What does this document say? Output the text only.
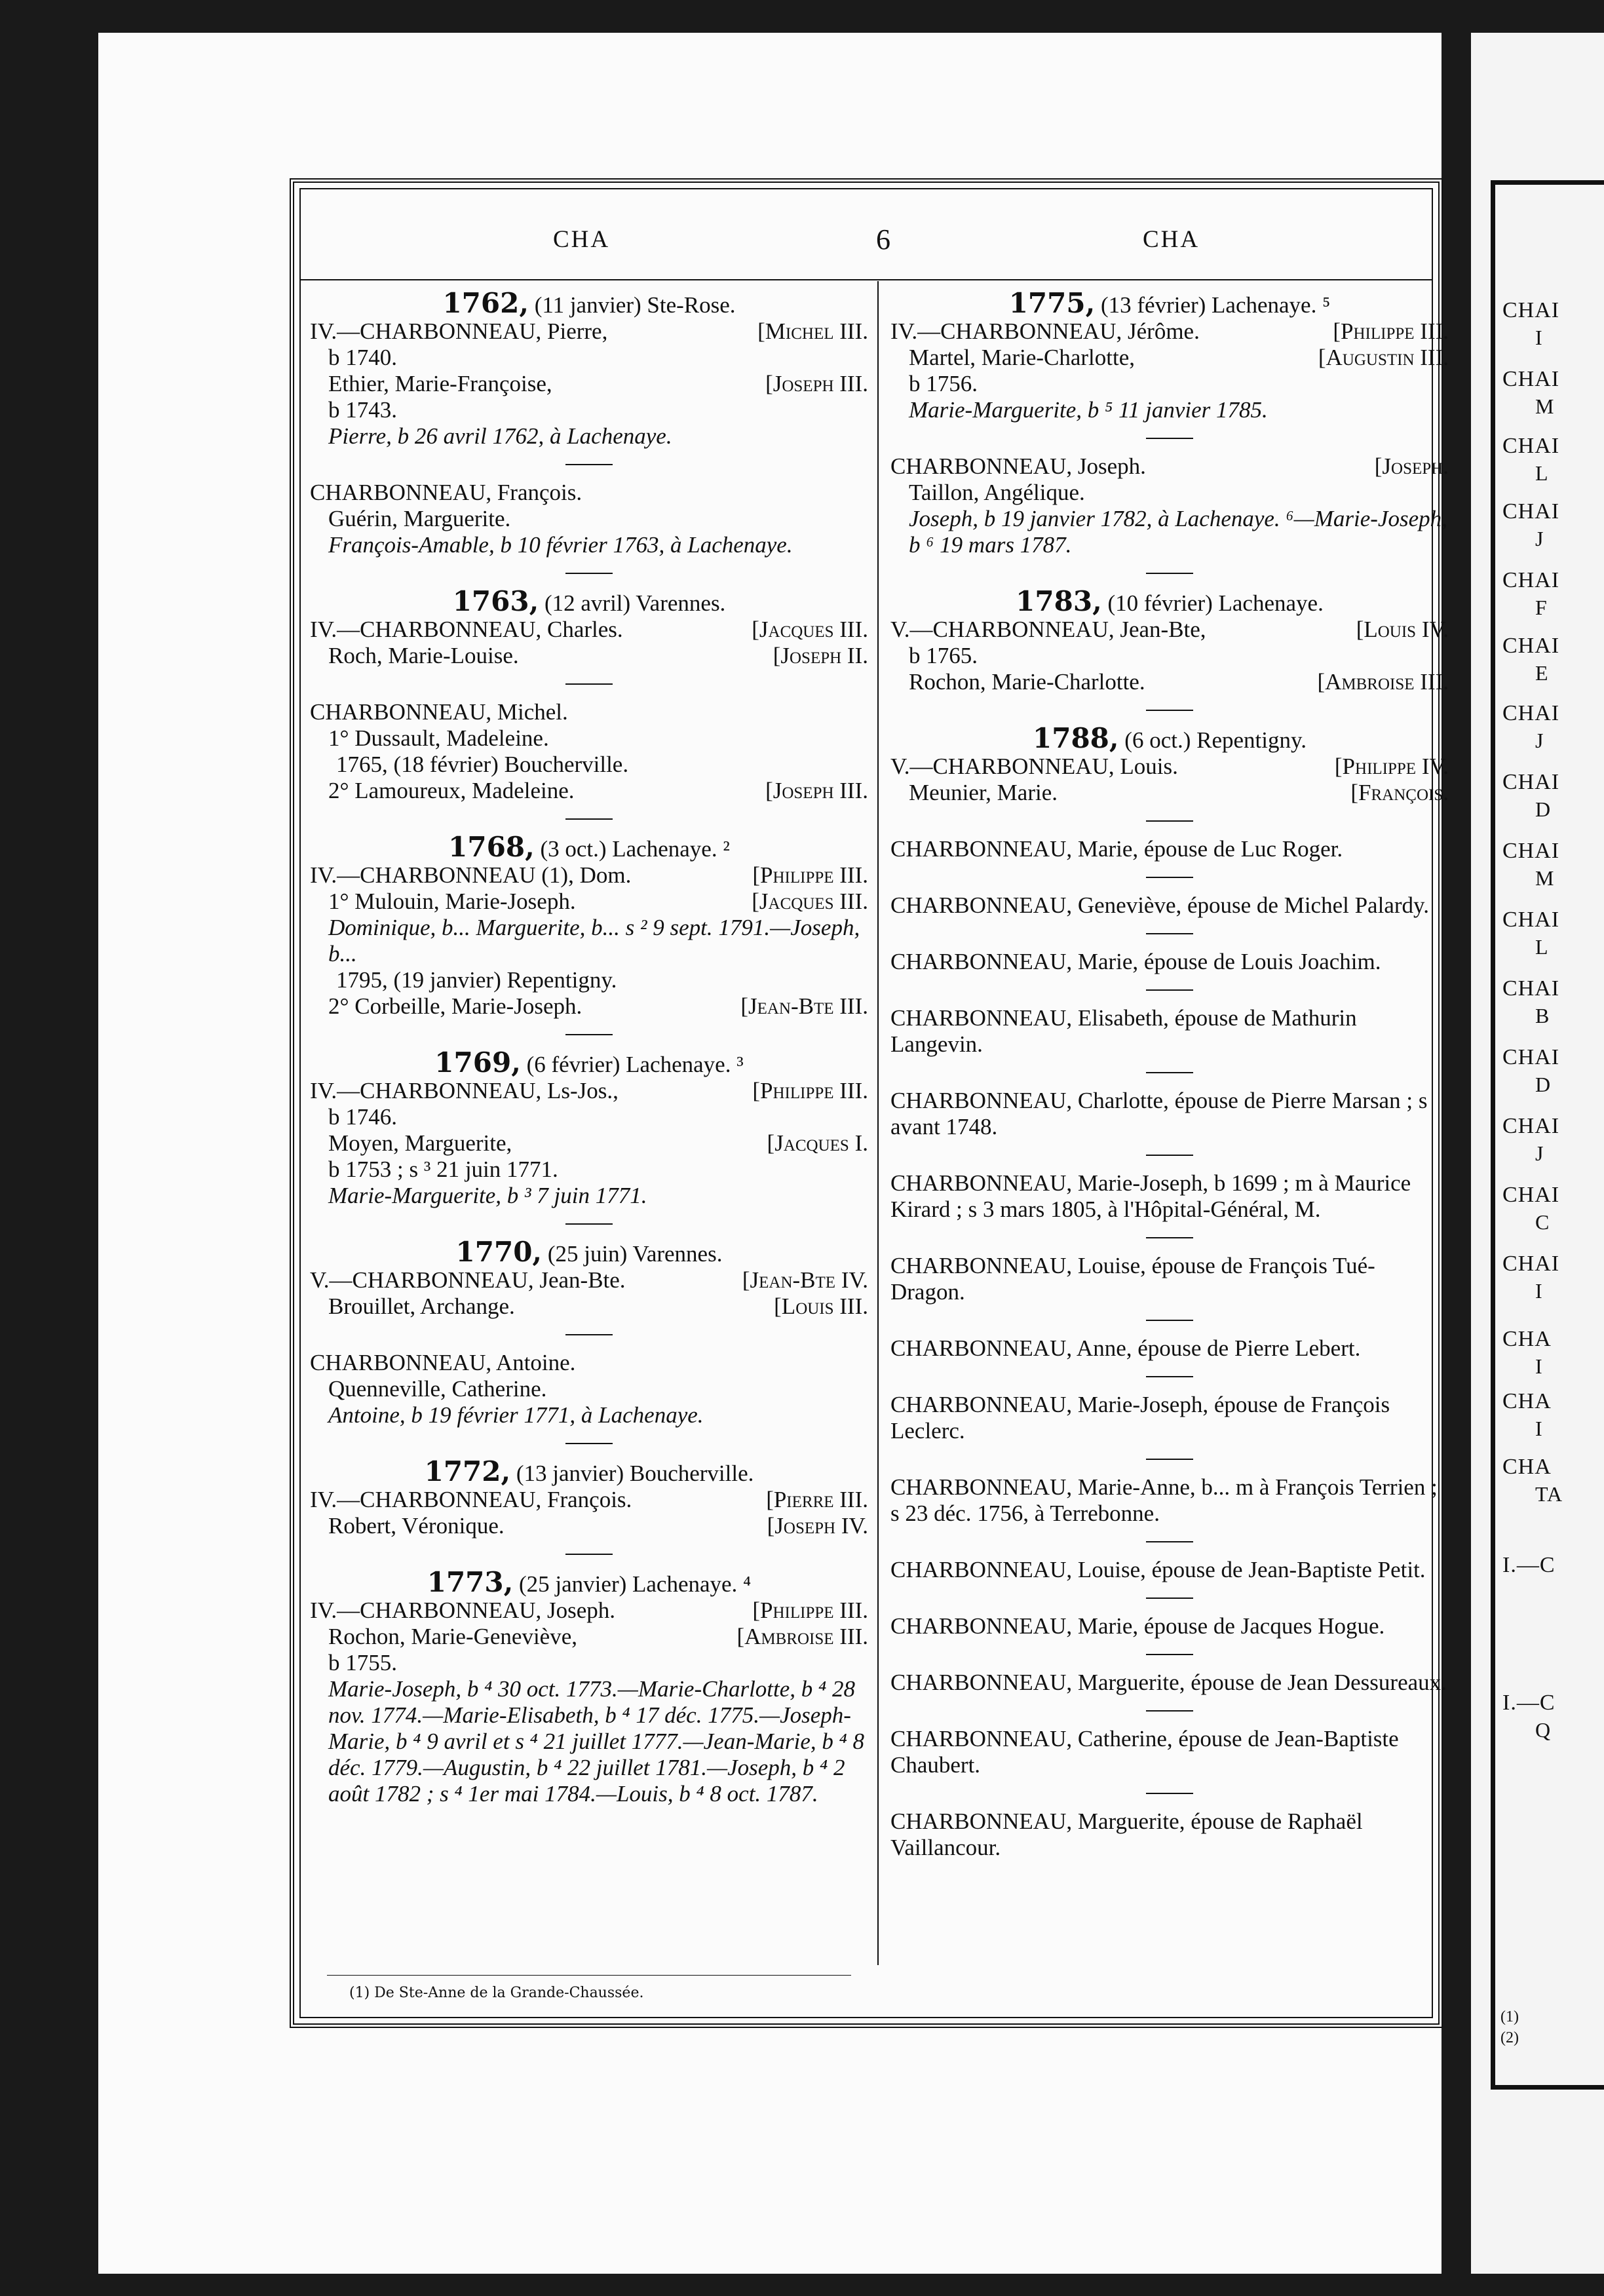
CHAI
I
CHAI
M
CHAI
L
CHAI
J
CHAI
F
CHAI
E
CHAI
J
CHAI
D
CHAI
M
CHAI
L
CHAI
B
CHAI
D
CHAI
J
CHAI
C
CHAI
I
CHA
I
CHA
I
CHA
TA
I.—C
I.—C
Q
(1)
(2)
CHA	6	CHA
1762, (11 janvier) Ste-Rose.
IV.—CHARBONNEAU, Pierre,	[Michel III.
b 1740.
Ethier, Marie-Françoise,	[Joseph III.
b 1743.
Pierre, b 26 avril 1762, à Lachenaye.
CHARBONNEAU, François.
Guérin, Marguerite.
François-Amable, b 10 février 1763, à Lachenaye.
1763, (12 avril) Varennes.
IV.—CHARBONNEAU, Charles.	[Jacques III.
Roch, Marie-Louise.	[Joseph II.
CHARBONNEAU, Michel.
1° Dussault, Madeleine.
1765, (18 février) Boucherville.
2° Lamoureux, Madeleine.	[Joseph III.
1768, (3 oct.) Lachenaye. ²
IV.—CHARBONNEAU (1), Dom.	[Philippe III.
1° Mulouin, Marie-Joseph.	[Jacques III.
Dominique, b... Marguerite, b... s ² 9 sept. 1791.—Joseph, b...
1795, (19 janvier) Repentigny.
2° Corbeille, Marie-Joseph.	[Jean-Bte III.
1769, (6 février) Lachenaye. ³
IV.—CHARBONNEAU, Ls-Jos.,	[Philippe III.
b 1746.
Moyen, Marguerite,	[Jacques I.
b 1753 ; s ³ 21 juin 1771.
Marie-Marguerite, b ³ 7 juin 1771.
1770, (25 juin) Varennes.
V.—CHARBONNEAU, Jean-Bte.	[Jean-Bte IV.
Brouillet, Archange.	[Louis III.
CHARBONNEAU, Antoine.
Quenneville, Catherine.
Antoine, b 19 février 1771, à Lachenaye.
1772, (13 janvier) Boucherville.
IV.—CHARBONNEAU, François.	[Pierre III.
Robert, Véronique.	[Joseph IV.
1773, (25 janvier) Lachenaye. ⁴
IV.—CHARBONNEAU, Joseph.	[Philippe III.
Rochon, Marie-Geneviève,	[Ambroise III.
b 1755.
Marie-Joseph, b ⁴ 30 oct. 1773.—Marie-Charlotte, b ⁴ 28 nov. 1774.—Marie-Elisabeth, b ⁴ 17 déc. 1775.—Joseph-Marie, b ⁴ 9 avril et s ⁴ 21 juillet 1777.—Jean-Marie, b ⁴ 8 déc. 1779.—Augustin, b ⁴ 22 juillet 1781.—Joseph, b ⁴ 2 août 1782 ; s ⁴ 1er mai 1784.—Louis, b ⁴ 8 oct. 1787.
1775, (13 février) Lachenaye. ⁵
IV.—CHARBONNEAU, Jérôme.	[Philippe III.
Martel, Marie-Charlotte,	[Augustin III.
b 1756.
Marie-Marguerite, b ⁵ 11 janvier 1785.
CHARBONNEAU, Joseph.	[Joseph.
Taillon, Angélique.
Joseph, b 19 janvier 1782, à Lachenaye. ⁶—Marie-Joseph, b ⁶ 19 mars 1787.
1783, (10 février) Lachenaye.
V.—CHARBONNEAU, Jean-Bte,	[Louis IV.
b 1765.
Rochon, Marie-Charlotte.	[Ambroise III.
1788, (6 oct.) Repentigny.
V.—CHARBONNEAU, Louis.	[Philippe IV.
Meunier, Marie.	[François.
CHARBONNEAU, Marie, épouse de Luc Roger.
CHARBONNEAU, Geneviève, épouse de Michel Palardy.
CHARBONNEAU, Marie, épouse de Louis Joachim.
CHARBONNEAU, Elisabeth, épouse de Mathurin Langevin.
CHARBONNEAU, Charlotte, épouse de Pierre Marsan ; s avant 1748.
CHARBONNEAU, Marie-Joseph, b 1699 ; m à Maurice Kirard ; s 3 mars 1805, à l'Hôpital-Général, M.
CHARBONNEAU, Louise, épouse de François Tué-Dragon.
CHARBONNEAU, Anne, épouse de Pierre Lebert.
CHARBONNEAU, Marie-Joseph, épouse de François Leclerc.
CHARBONNEAU, Marie-Anne, b... m à François Terrien ; s 23 déc. 1756, à Terrebonne.
CHARBONNEAU, Louise, épouse de Jean-Baptiste Petit.
CHARBONNEAU, Marie, épouse de Jacques Hogue.
CHARBONNEAU, Marguerite, épouse de Jean Dessureaux.
CHARBONNEAU, Catherine, épouse de Jean-Baptiste Chaubert.
CHARBONNEAU, Marguerite, épouse de Raphaël Vaillancour.
(1) De Ste-Anne de la Grande-Chaussée.
